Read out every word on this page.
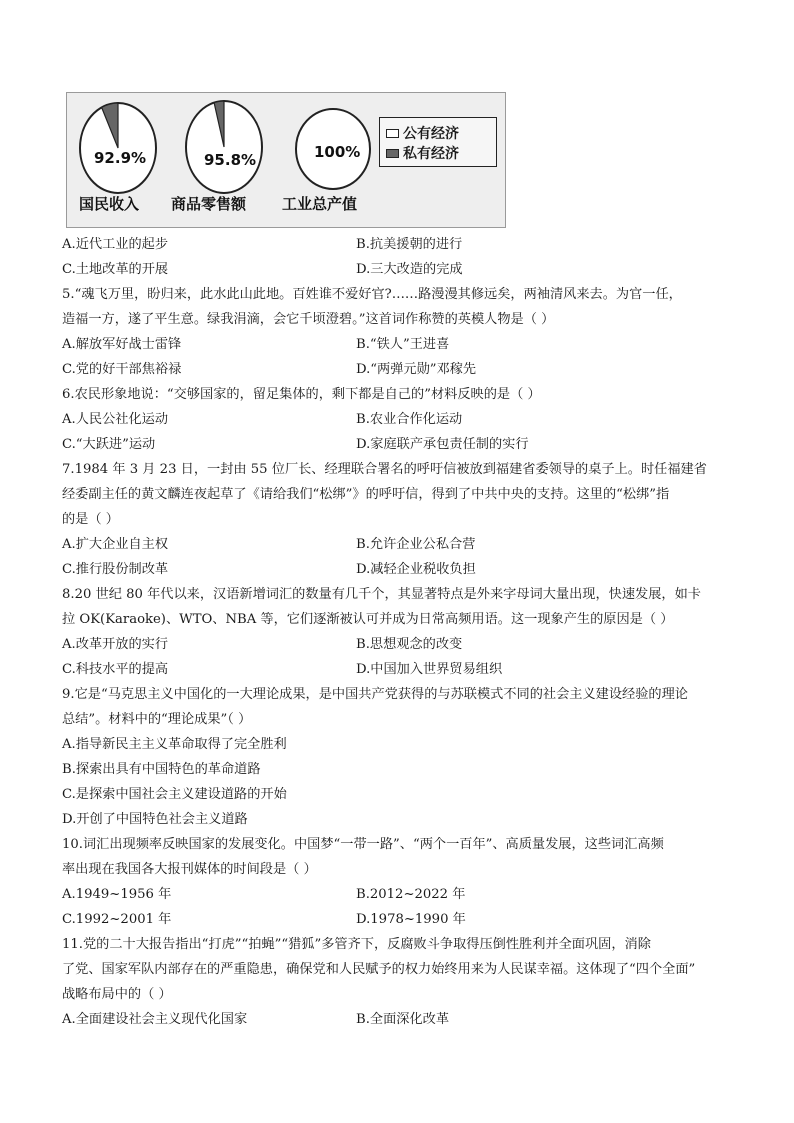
92.9%	95.8%	100%
公有经济
私有经济
国民收入 商品零售额 工业总产值
A.近代工业的起步	B.抗美援朝的进行
C.土地改革的开展	D.三大改造的完成
5.“魂飞万里，盼归来，此水此山此地。百姓谁不爱好官?……路漫漫其修远矣，两袖清风来去。为官一任，
造福一方，遂了平生意。绿我涓滴，会它千顷澄碧。”这首词作称赞的英模人物是（ ）
A.解放军好战士雷锋	B.“铁人”王进喜
C.党的好干部焦裕禄	D.“两弹元勋”邓稼先
6.农民形象地说：“交够国家的，留足集体的，剩下都是自己的”材料反映的是（ ）
A.人民公社化运动	B.农业合作化运动
C.“大跃进”运动	D.家庭联产承包责任制的实行
7.1984 年 3 月 23 日，一封由 55 位厂长、经理联合署名的呼吁信被放到福建省委领导的桌子上。时任福建省
经委副主任的黄文麟连夜起草了《请给我们“松绑”》的呼吁信，得到了中共中央的支持。这里的“松绑”指
的是（ ）
A.扩大企业自主权	B.允许企业公私合营
C.推行股份制改革	D.减轻企业税收负担
8.20 世纪 80 年代以来，汉语新增词汇的数量有几千个，其显著特点是外来字母词大量出现，快速发展，如卡
拉 OK(Karaoke)、WTO、NBA 等，它们逐渐被认可并成为日常高频用语。这一现象产生的原因是（ ）
A.改革开放的实行	B.思想观念的改变
C.科技水平的提高	D.中国加入世界贸易组织
9.它是“马克思主义中国化的一大理论成果，是中国共产党获得的与苏联模式不同的社会主义建设经验的理论
总结”。材料中的“理论成果”（ ）
A.指导新民主主义革命取得了完全胜利
B.探索出具有中国特色的革命道路
C.是探索中国社会主义建设道路的开始
D.开创了中国特色社会主义道路
10.词汇出现频率反映国家的发展变化。中国梦“一带一路”、“两个一百年”、高质量发展，这些词汇高频
率出现在我国各大报刊媒体的时间段是（ ）
A.1949~1956 年	B.2012~2022 年
C.1992~2001 年	D.1978~1990 年
11.党的二十大报告指出“打虎”“拍蝇”“猎狐”多管齐下，反腐败斗争取得压倒性胜利并全面巩固，消除
了党、国家军队内部存在的严重隐患，确保党和人民赋予的权力始终用来为人民谋幸福。这体现了“四个全面”
战略布局中的（ ）
A.全面建设社会主义现代化国家	B.全面深化改革
